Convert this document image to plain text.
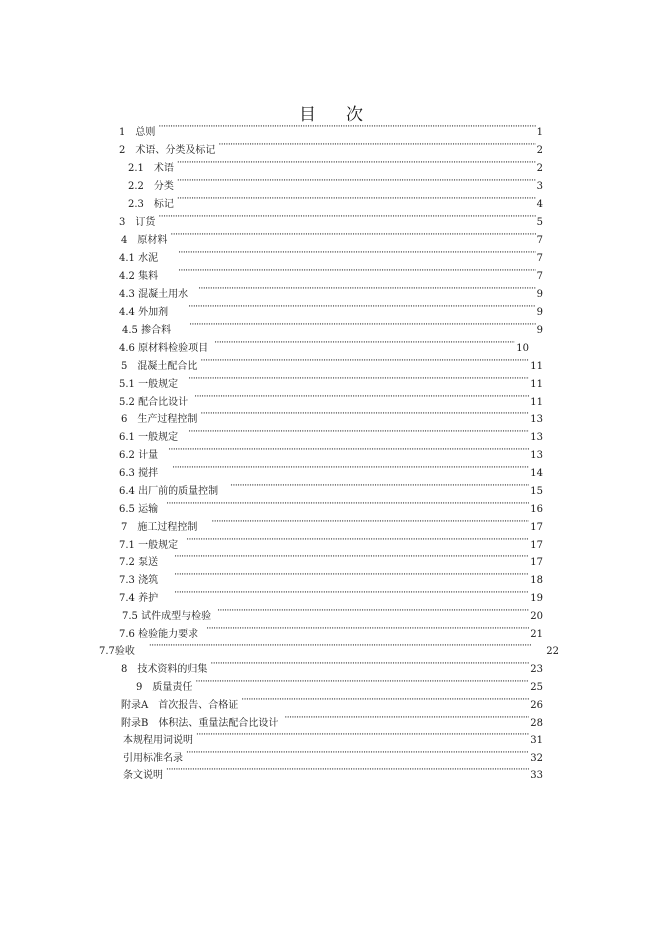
目 次
1　总则 ·····	1
2　术语、分类及标记 ·····	2
2.1　术语 ·····	2
2.2　分类 ·····	3
2.3　标记 ·····	4
3　订货 ·····	5
4　原材料 ·····	7
4.1 水泥 ·····	7
4.2 集料 ·····	7
4.3 混凝土用水 ·····	9
4.4 外加剂 ·····	9
4.5 掺合料 ·····	9
4.6 原材料检验项目 ·····	10
5　混凝土配合比 ·····	11
5.1 一般规定 ·····	11
5.2 配合比设计 ·····	11
6　生产过程控制 ·····	13
6.1 一般规定 ·····	13
6.2 计量 ·····	13
6.3 搅拌 ·····	14
6.4 出厂前的质量控制 ·····	15
6.5 运输 ·····	16
7　施工过程控制 ·····	17
7.1 一般规定 ·····	17
7.2 泵送 ·····	17
7.3 浇筑 ·····	18
7.4 养护 ·····	19
7.5 试件成型与检验 ·····	20
7.6 检验能力要求 ·····	21
7.7验收 ·····	22
8　技术资料的归集 ·····	23
9　质量责任 ·····	25
附录A　首次报告、合格证 ·····	26
附录B　体积法、重量法配合比设计 ·····	28
本规程用词说明 ·····	31
引用标准名录 ·····	32
条文说明 ·····	33
